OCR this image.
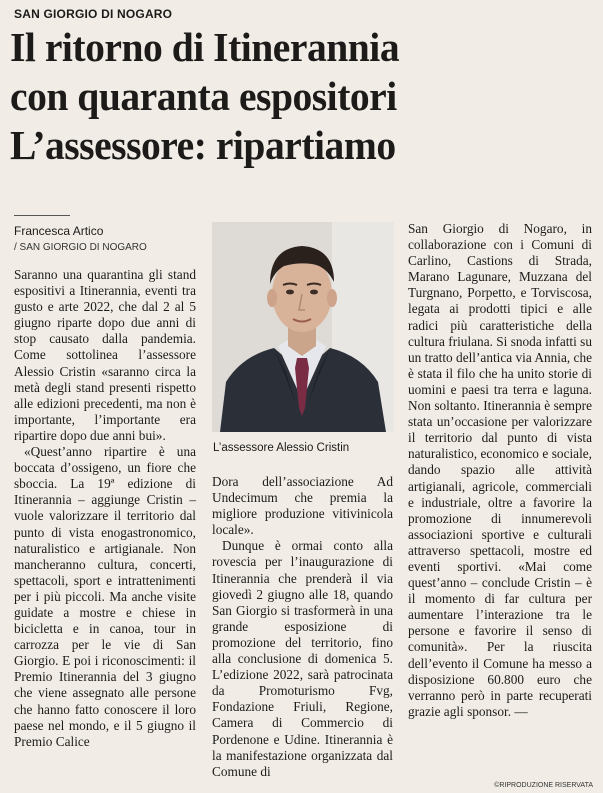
SAN GIORGIO DI NOGARO
Il ritorno di Itinerannia
con quaranta espositori
L’assessore: ripartiamo
Francesca Artico
/ SAN GIORGIO DI NOGARO

Saranno una quarantina gli stand espositivi a Itinerannia, eventi tra gusto e arte 2022, che dal 2 al 5 giugno riparte dopo due anni di stop causato dalla pandemia. Come sottolinea l’assessore Alessio Cristin «saranno circa la metà degli stand presenti rispetto alle edizioni precedenti, ma non è importante, l’importante era ripartire dopo due anni bui».

«Quest’anno ripartire è una boccata d’ossigeno, un fiore che sboccia. La 19ª edizione di Itinerannia – aggiunge Cristin – vuole valorizzare il territorio dal punto di vista enogastronomico, naturalistico e artigianale. Non mancheranno cultura, concerti, spettacoli, sport e intrattenimenti per i più piccoli. Ma anche visite guidate a mostre e chiese in bicicletta e in canoa, tour in carrozza per le vie di San Giorgio. E poi i riconoscimenti: il Premio Itinerannia del 3 giugno che viene assegnato alle persone che hanno fatto conoscere il loro paese nel mondo, e il 5 giugno il Premio Calice

L’assessore Alessio Cristin

Dora dell’associazione Ad Undecimum che premia la migliore produzione vitivinicola locale».

Dunque è ormai conto alla rovescia per l’inaugurazione di Itinerannia che prenderà il via giovedì 2 giugno alle 18, quando San Giorgio si trasformerà in una grande esposizione di promozione del territorio, fino alla conclusione di domenica 5. L’edizione 2022, sarà patrocinata da Promoturismo Fvg, Fondazione Friuli, Regione, Camera di Commercio di Pordenone e Udine. Itinerannia è la manifestazione organizzata dal Comune di

San Giorgio di Nogaro, in collaborazione con i Comuni di Carlino, Castions di Strada, Marano Lagunare, Muzzana del Turgnano, Porpetto, e Torviscosa, legata ai prodotti tipici e alle radici più caratteristiche della cultura friulana. Si snoda infatti su un tratto dell’antica via Annia, che è stata il filo che ha unito storie di uomini e paesi tra terra e laguna. Non soltanto. Itinerannia è sempre stata un’occasione per valorizzare il territorio dal punto di vista naturalistico, economico e sociale, dando spazio alle attività artigianali, agricole, commerciali e industriale, oltre a favorire la promozione di innumerevoli associazioni sportive e culturali attraverso spettacoli, mostre ed eventi sportivi. «Mai come quest’anno – conclude Cristin – è il momento di far cultura per aumentare l’interazione tra le persone e favorire il senso di comunità». Per la riuscita dell’evento il Comune ha messo a disposizione 60.800 euro che verranno però in parte recuperati grazie agli sponsor. —

©RIPRODUZIONE RISERVATA
